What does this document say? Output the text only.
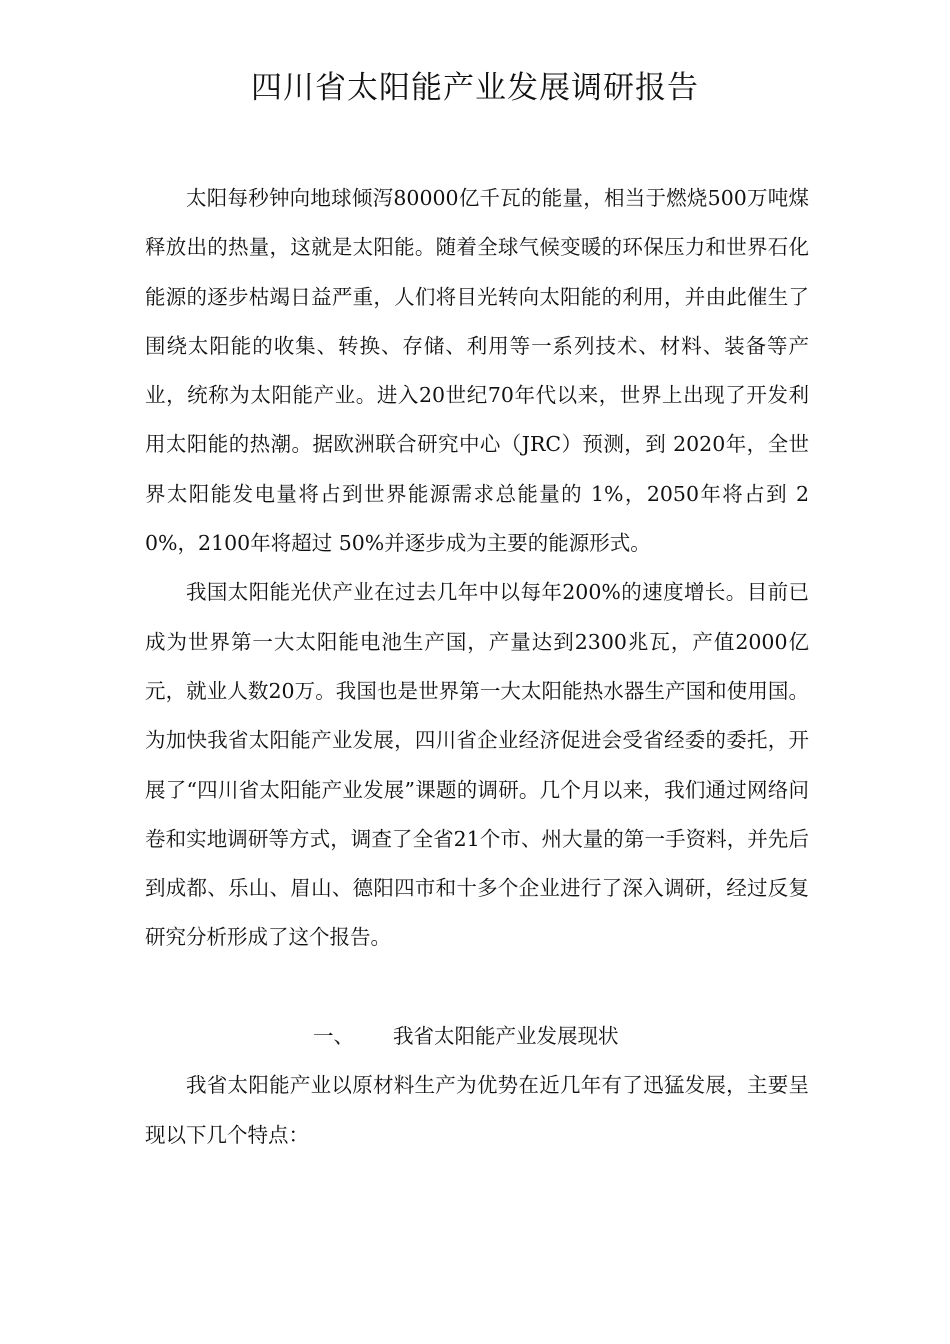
四川省太阳能产业发展调研报告

太阳每秒钟向地球倾泻80000亿千瓦的能量，相当于燃烧500万吨煤释放出的热量，这就是太阳能。随着全球气候变暖的环保压力和世界石化能源的逐步枯竭日益严重，人们将目光转向太阳能的利用，并由此催生了围绕太阳能的收集、转换、存储、利用等一系列技术、材料、装备等产业，统称为太阳能产业。进入20世纪70年代以来，世界上出现了开发利用太阳能的热潮。据欧洲联合研究中心（JRC）预测，到 2020年，全世界太阳能发电量将占到世界能源需求总能量的 1%，2050年将占到 20%，2100年将超过 50%并逐步成为主要的能源形式。

我国太阳能光伏产业在过去几年中以每年200%的速度增长。目前已成为世界第一大太阳能电池生产国，产量达到2300兆瓦，产值2000亿元，就业人数20万。我国也是世界第一大太阳能热水器生产国和使用国。为加快我省太阳能产业发展，四川省企业经济促进会受省经委的委托，开展了“四川省太阳能产业发展”课题的调研。几个月以来，我们通过网络问卷和实地调研等方式，调查了全省21个市、州大量的第一手资料，并先后到成都、乐山、眉山、德阳四市和十多个企业进行了深入调研，经过反复研究分析形成了这个报告。

一、 我省太阳能产业发展现状

我省太阳能产业以原材料生产为优势在近几年有了迅猛发展，主要呈现以下几个特点：
